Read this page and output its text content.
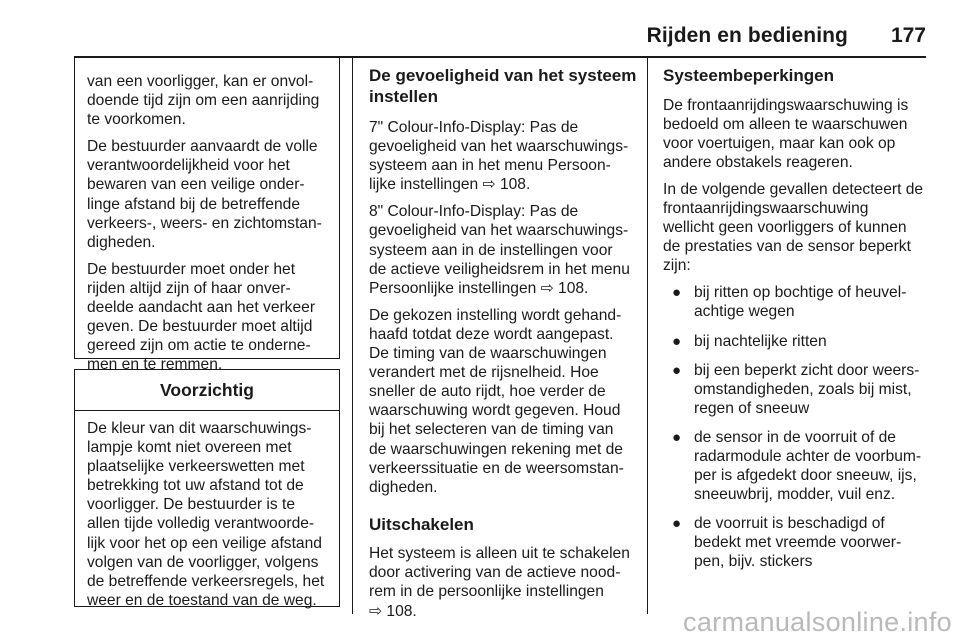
Rijden en bediening 177

van een voorligger, kan er onvol-
doende tijd zijn om een aanrijding
te voorkomen.

De bestuurder aanvaardt de volle
verantwoordelijkheid voor het
bewaren van een veilige onder-
linge afstand bij de betreffende
verkeers-, weers- en zichtomstan-
digheden.

De bestuurder moet onder het
rijden altijd zijn of haar onver-
deelde aandacht aan het verkeer
geven. De bestuurder moet altijd
gereed zijn om actie te onderne-
men en te remmen.

Voorzichtig

De kleur van dit waarschuwings-
lampje komt niet overeen met
plaatselijke verkeerswetten met
betrekking tot uw afstand tot de
voorligger. De bestuurder is te
allen tijde volledig verantwoorde-
lijk voor het op een veilige afstand
volgen van de voorligger, volgens
de betreffende verkeersregels, het
weer en de toestand van de weg.

De gevoeligheid van het systeem
instellen

7" Colour-Info-Display: Pas de
gevoeligheid van het waarschuwings-
systeem aan in het menu Persoon-
lijke instellingen ⇨ 108.

8" Colour-Info-Display: Pas de
gevoeligheid van het waarschuwings-
systeem aan in de instellingen voor
de actieve veiligheidsrem in het menu
Persoonlijke instellingen ⇨ 108.

De gekozen instelling wordt gehand-
haafd totdat deze wordt aangepast.
De timing van de waarschuwingen
verandert met de rijsnelheid. Hoe
sneller de auto rijdt, hoe verder de
waarschuwing wordt gegeven. Houd
bij het selecteren van de timing van
de waarschuwingen rekening met de
verkeerssituatie en de weersomstan-
digheden.

Uitschakelen

Het systeem is alleen uit te schakelen
door activering van de actieve nood-
rem in de persoonlijke instellingen
⇨ 108.

Systeembeperkingen

De frontaanrijdingswaarschuwing is
bedoeld om alleen te waarschuwen
voor voertuigen, maar kan ook op
andere obstakels reageren.

In de volgende gevallen detecteert de
frontaanrijdingswaarschuwing
wellicht geen voorliggers of kunnen
de prestaties van de sensor beperkt
zijn:

● bij ritten op bochtige of heuvel-
achtige wegen
● bij nachtelijke ritten
● bij een beperkt zicht door weers-
omstandigheden, zoals bij mist,
regen of sneeuw
● de sensor in de voorruit of de
radarmodule achter de voorbum-
per is afgedekt door sneeuw, ijs,
sneeuwbrij, modder, vuil enz.
● de voorruit is beschadigd of
bedekt met vreemde voorwer-
pen, bijv. stickers
carmanualsonline.info
